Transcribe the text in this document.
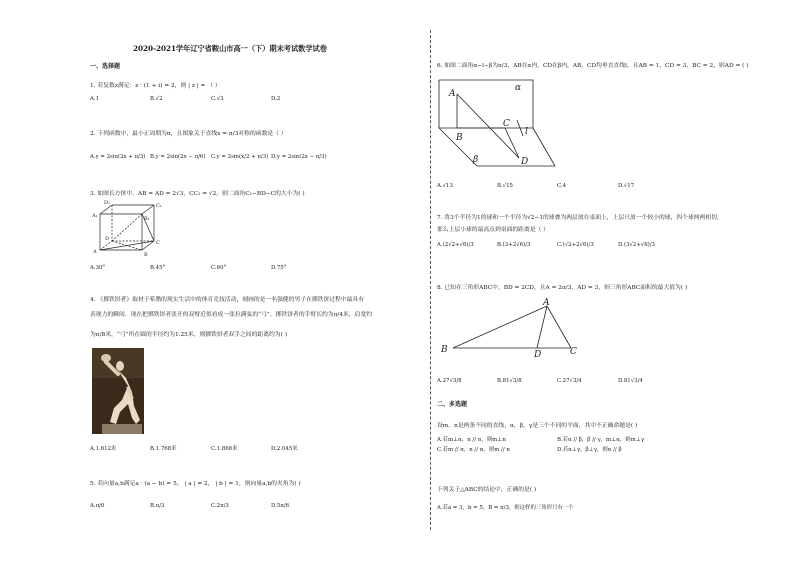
2020-2021学年辽宁省鞍山市高一（下）期末考试数学试卷
一、选择题
1. 若复数z满足：z · (1 + i) = 2，则 | z | = （ ）
A.1	B.√2	C.√3	D.2
2. 下列函数中，最小正周期为π，且图象关于直线x = π/3对称的函数是（ ）
A.y = 2sin(2x + π/3) B.y = 2sin(2x − π/6) C.y = 2sin(x/2 + π/3) D.y = 2sin(2x − π/3)
3. 如图长方体中，AB = AD = 2√3，CC₁ = √2，则二面角C₁−BD−C的大小为( )
A	B
C
D
A₁	B₁
C₁
D₁
A.30°	B.45°	C.60°	D.75°
4. 《掷铁饼者》取材于希腊的现实生活中的体育竞技活动，刻画的是一名强健的男子在掷铁饼过程中最具有
表现力的瞬间．现在把掷铁饼者张开的双臂近似看成一张拉满弦的“弓”，掷铁饼者的手臂长约为π/4米，肩宽约
为π/8米，“弓”所在圆的半径约为1.25米，则掷铁饼者双手之间的距离约为( )
A.1.612米	B.1.768米	C.1.868米	D.2.045米
5. 若向量a,b满足a · (a − b) = 5， | a | = 2， | b | = 1，则向量a,b的夹角为( )
A.π/6	B.π/3	C.2π/3	D.5π/6
6. 如图二面角α−l−β为π/3，AB在α内，CD在β内，AB，CD均垂直直线l，且AB = 1，CD = 3，BC = 2，则AD = ( )
A
B
C
D
l
α
β
A.√13	B.√15	C.4	D.√17
7. 将3个半径为1的球和一个半径为√2−1的球叠为两层放在桌面上，上层只放一个较小的球，四个球两两相切，
那么上层小球的最高点到桌面的距离是（ ）
A.(2√2+√6)/3	B.(3+2√6)/3	C.(√2+2√6)/3	D.(3√2+√6)/3
8. 已知在三角形ABC中，BD = 2CD，且A = 2π/3，AD = 3，则三角形ABC面积的最大值为( )
A
B	C
D
A.27√3/8	B.81√3/8	C.27√3/4	D.81√3/4
二、多选题
设m，n是两条不同的直线，α，β，γ是三个不同的平面，其中不正确命题是( )
A.若m⊥α，n // α，则m⊥n	B.若α // β，β // γ，m⊥α，则m⊥γ
C.若m // α，n // α，则m // n	D.若α⊥γ，β⊥γ，则α // β
下列关于△ABC的结论中，正确的是( )
A.若a = 3，b = 5，B = π/3，则这样的三角形只有一个
